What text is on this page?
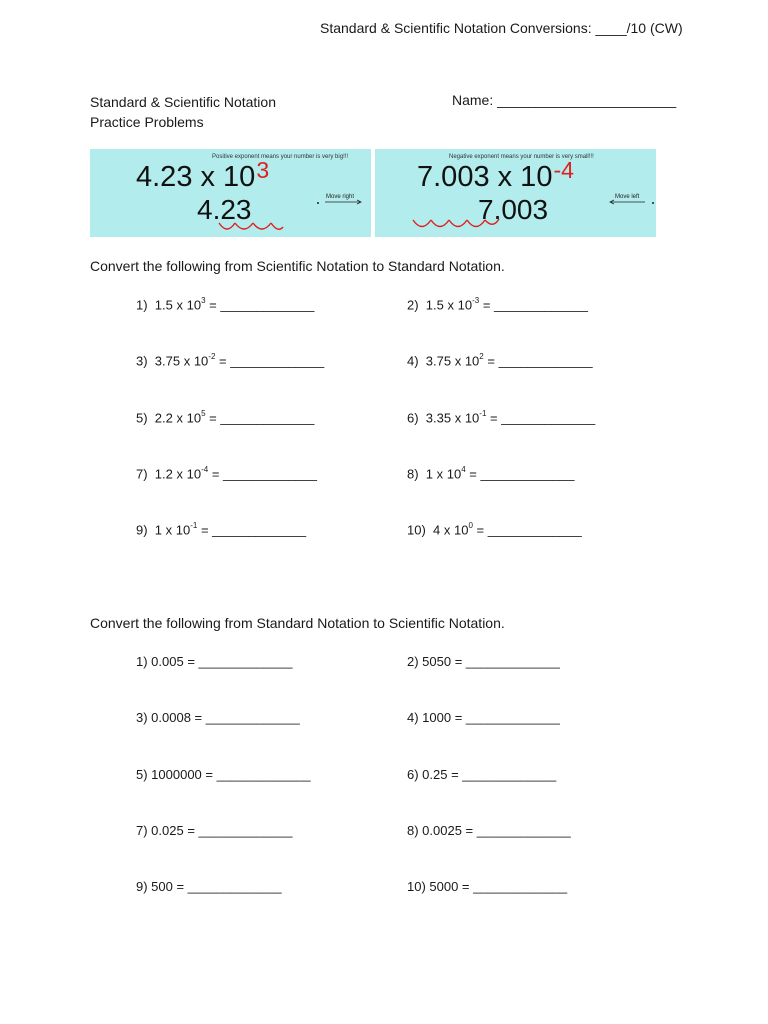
Standard & Scientific Notation Conversions: ____/10 (CW)
Standard & Scientific Notation
Practice Problems
Name: _______________________
Positive exponent means your number is very big!!!
4.23 x $10^3$
4.23	Move right
Negative exponent means your number is very small!!!
7.003 x $10^{-4}$
7.003	Move left
Convert the following from Scientific Notation to Standard Notation.
1) 1.5 x $10^3$ = _____________	2) 1.5 x $10^{-3}$ = _____________
3) 3.75 x $10^{-2}$ = _____________	4) 3.75 x $10^2$ = _____________
5) 2.2 x $10^5$ = _____________	6) 3.35 x $10^{-1}$ = _____________
7) 1.2 x $10^{-4}$ = _____________	8) 1 x $10^4$ = _____________
9) 1 x $10^{-1}$ = _____________	10) 4 x $10^0$ = _____________
Convert the following from Standard Notation to Scientific Notation.
1) 0.005 = _____________	2) 5050 = _____________
3) 0.0008 = _____________	4) 1000 = _____________
5) 1000000 = _____________	6) 0.25 = _____________
7) 0.025 = _____________	8) 0.0025 = _____________
9) 500 = _____________	10) 5000 = _____________
